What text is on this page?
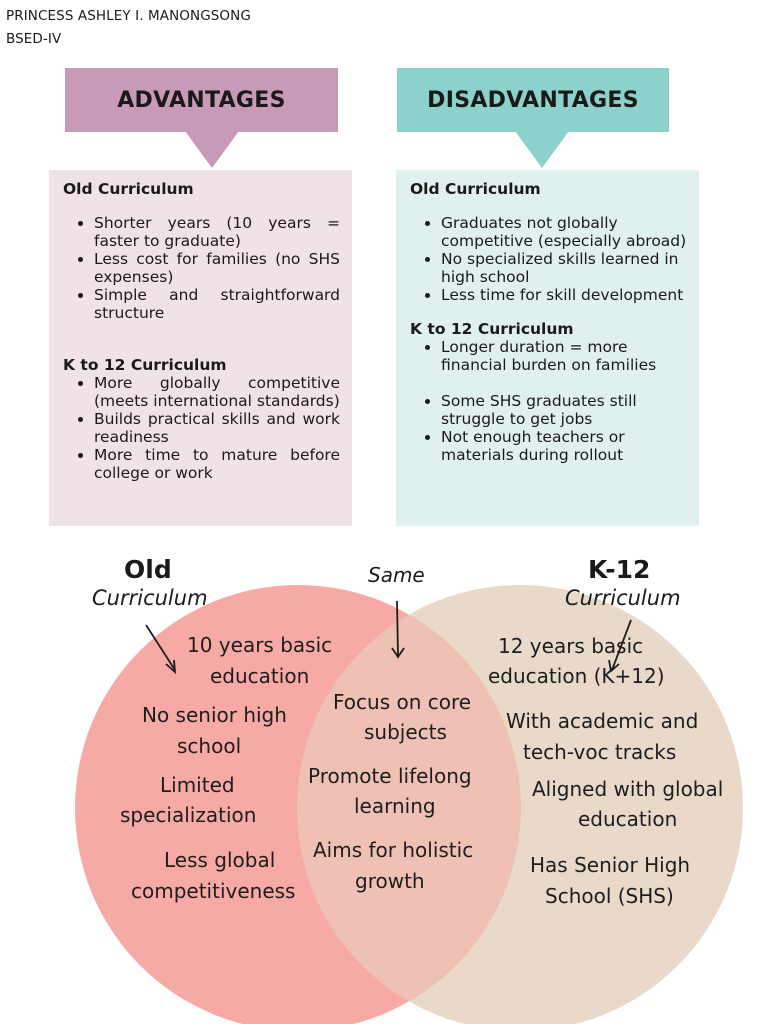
PRINCESS ASHLEY I. MANONGSONG
BSED-IV
ADVANTAGES
Old Curriculum
• Shorter years (10 years = faster to graduate)
• Less cost for families (no SHS expenses)
• Simple and straightforward structure
K to 12 Curriculum
• More globally competitive (meets international standards)
• Builds practical skills and work readiness
• More time to mature before college or work
DISADVANTAGES
Old Curriculum
• Graduates not globally competitive (especially abroad)
• No specialized skills learned in high school
• Less time for skill development
K to 12 Curriculum
• Longer duration = more financial burden on families
• Some SHS graduates still struggle to get jobs
• Not enough teachers or materials during rollout
Old
Curriculum
K-12
Curriculum
Same
10 years basic
education
No senior high
school
Limited
specialization
Less global
competitiveness
Focus on core
subjects
Promote lifelong
learning
Aims for holistic
growth
12 years basic
education (K+12)
With academic and
tech-voc tracks
Aligned with global
education
Has Senior High
School (SHS)
